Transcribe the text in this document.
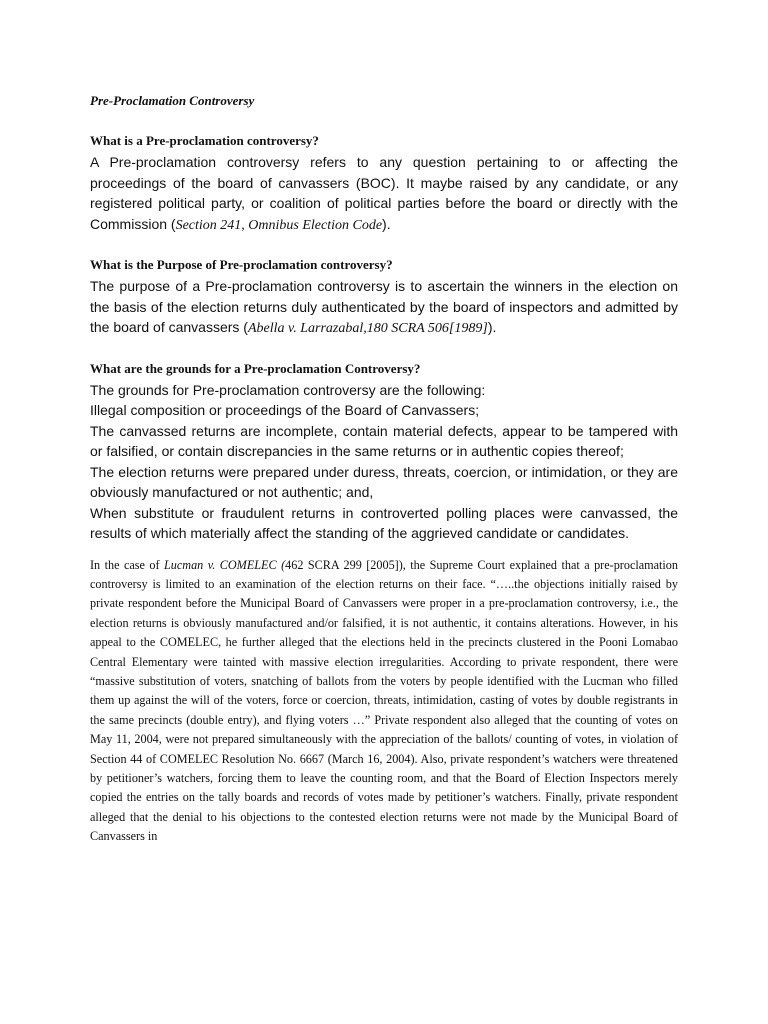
Pre-Proclamation Controversy
What is a Pre-proclamation controversy?
A Pre-proclamation controversy refers to any question pertaining to or affecting the proceedings of the board of canvassers (BOC). It maybe raised by any candidate, or any registered political party, or coalition of political parties before the board or directly with the Commission (Section 241, Omnibus Election Code).
What is the Purpose of Pre-proclamation controversy?
The purpose of a Pre-proclamation controversy is to ascertain the winners in the election on the basis of the election returns duly authenticated by the board of inspectors and admitted by the board of canvassers (Abella v. Larrazabal,180 SCRA 506[1989]).
What are the grounds for a Pre-proclamation Controversy?

The grounds for Pre-proclamation controversy are the following:

Illegal composition or proceedings of the Board of Canvassers;

The canvassed returns are incomplete, contain material defects, appear to be tampered with or falsified, or contain discrepancies in the same returns or in authentic copies thereof;

The election returns were prepared under duress, threats, coercion, or intimidation, or they are obviously manufactured or not authentic; and,

When substitute or fraudulent returns in controverted polling places were canvassed, the results of which materially affect the standing of the aggrieved candidate or candidates.

In the case of Lucman v. COMELEC (462 SCRA 299 [2005]), the Supreme Court explained that a pre-proclamation controversy is limited to an examination of the election returns on their face. “…..the objections initially raised by private respondent before the Municipal Board of Canvassers were proper in a pre-proclamation controversy, i.e., the election returns is obviously manufactured and/or falsified, it is not authentic, it contains alterations. However, in his appeal to the COMELEC, he further alleged that the elections held in the precincts clustered in the Pooni Lomabao Central Elementary were tainted with massive election irregularities. According to private respondent, there were “massive substitution of voters, snatching of ballots from the voters by people identified with the Lucman who filled them up against the will of the voters, force or coercion, threats, intimidation, casting of votes by double registrants in the same precincts (double entry), and flying voters …” Private respondent also alleged that the counting of votes on May 11, 2004, were not prepared simultaneously with the appreciation of the ballots/ counting of votes, in violation of Section 44 of COMELEC Resolution No. 6667 (March 16, 2004). Also, private respondent’s watchers were threatened by petitioner’s watchers, forcing them to leave the counting room, and that the Board of Election Inspectors merely copied the entries on the tally boards and records of votes made by petitioner’s watchers. Finally, private respondent alleged that the denial to his objections to the contested election returns were not made by the Municipal Board of Canvassers in
